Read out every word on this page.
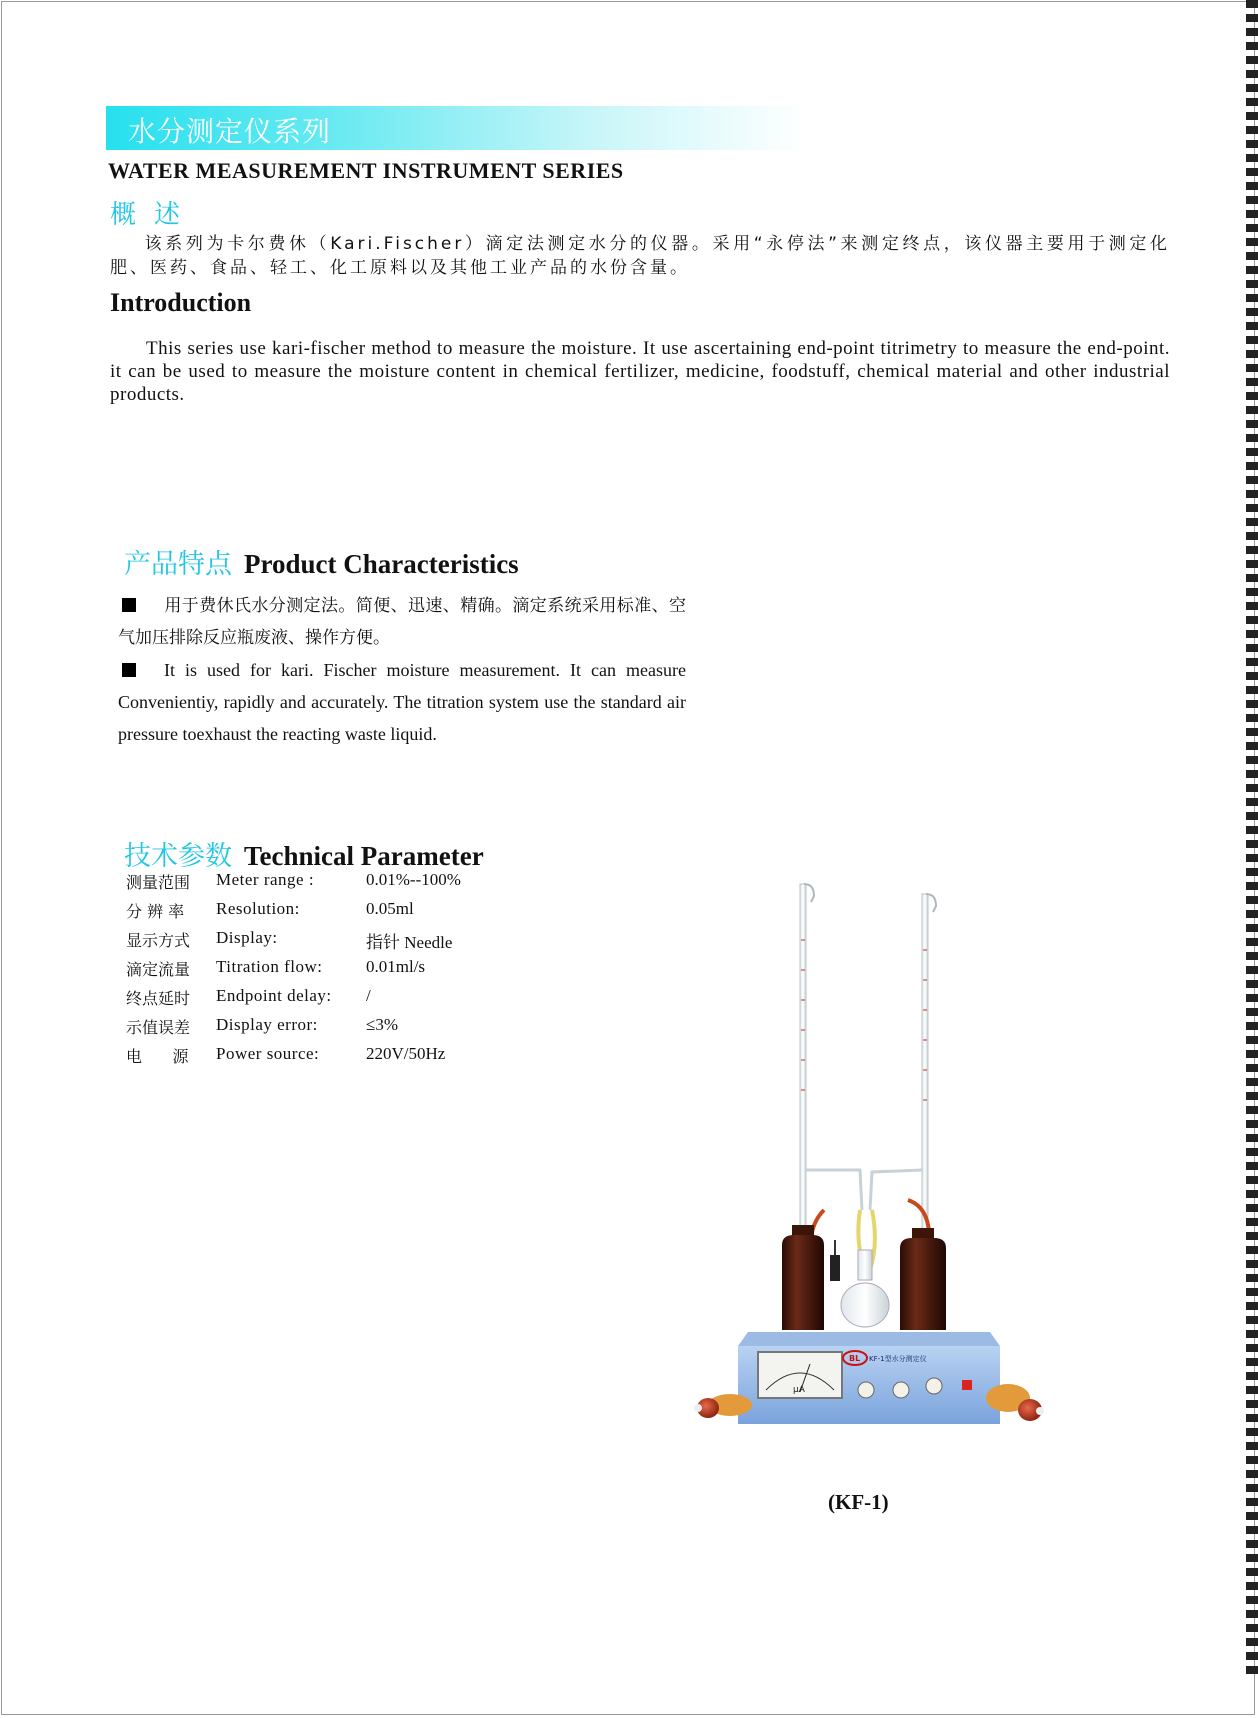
水分测定仪系列
WATER MEASUREMENT INSTRUMENT SERIES
概述
该系列为卡尔费休（Kari.Fischer）滴定法测定水分的仪器。采用“永停法”来测定终点，该仪器主要用于测定化肥、医药、食品、轻工、化工原料以及其他工业产品的水份含量。
Introduction
This series use kari-fischer method to measure the moisture. It use ascertaining end-point titrimetry to measure the end-point. it can be used to measure the moisture content in chemical fertilizer, medicine, foodstuff, chemical material and other industrial products.
产品特点 Product Characteristics
用于费休氏水分测定法。简便、迅速、精确。滴定系统采用标准、空气加压排除反应瓶废液、操作方便。
It is used for kari. Fischer moisture measurement. It can measure Convenientiy, rapidly and accurately. The titration system use the standard air pressure toexhaust the reacting waste liquid.
技术参数 Technical Parameter
测量范围 Meter range :	0.01%--100%
分 辨 率 Resolution:	0.05ml
显示方式 Display:	指针 Needle
滴定流量 Titration flow:	0.01ml/s
终点延时 Endpoint delay: /
示值误差 Display error:	≤3%
电      源 Power source:	220V/50Hz
μA
BL KF-1型水分测定仪
(KF-1)
